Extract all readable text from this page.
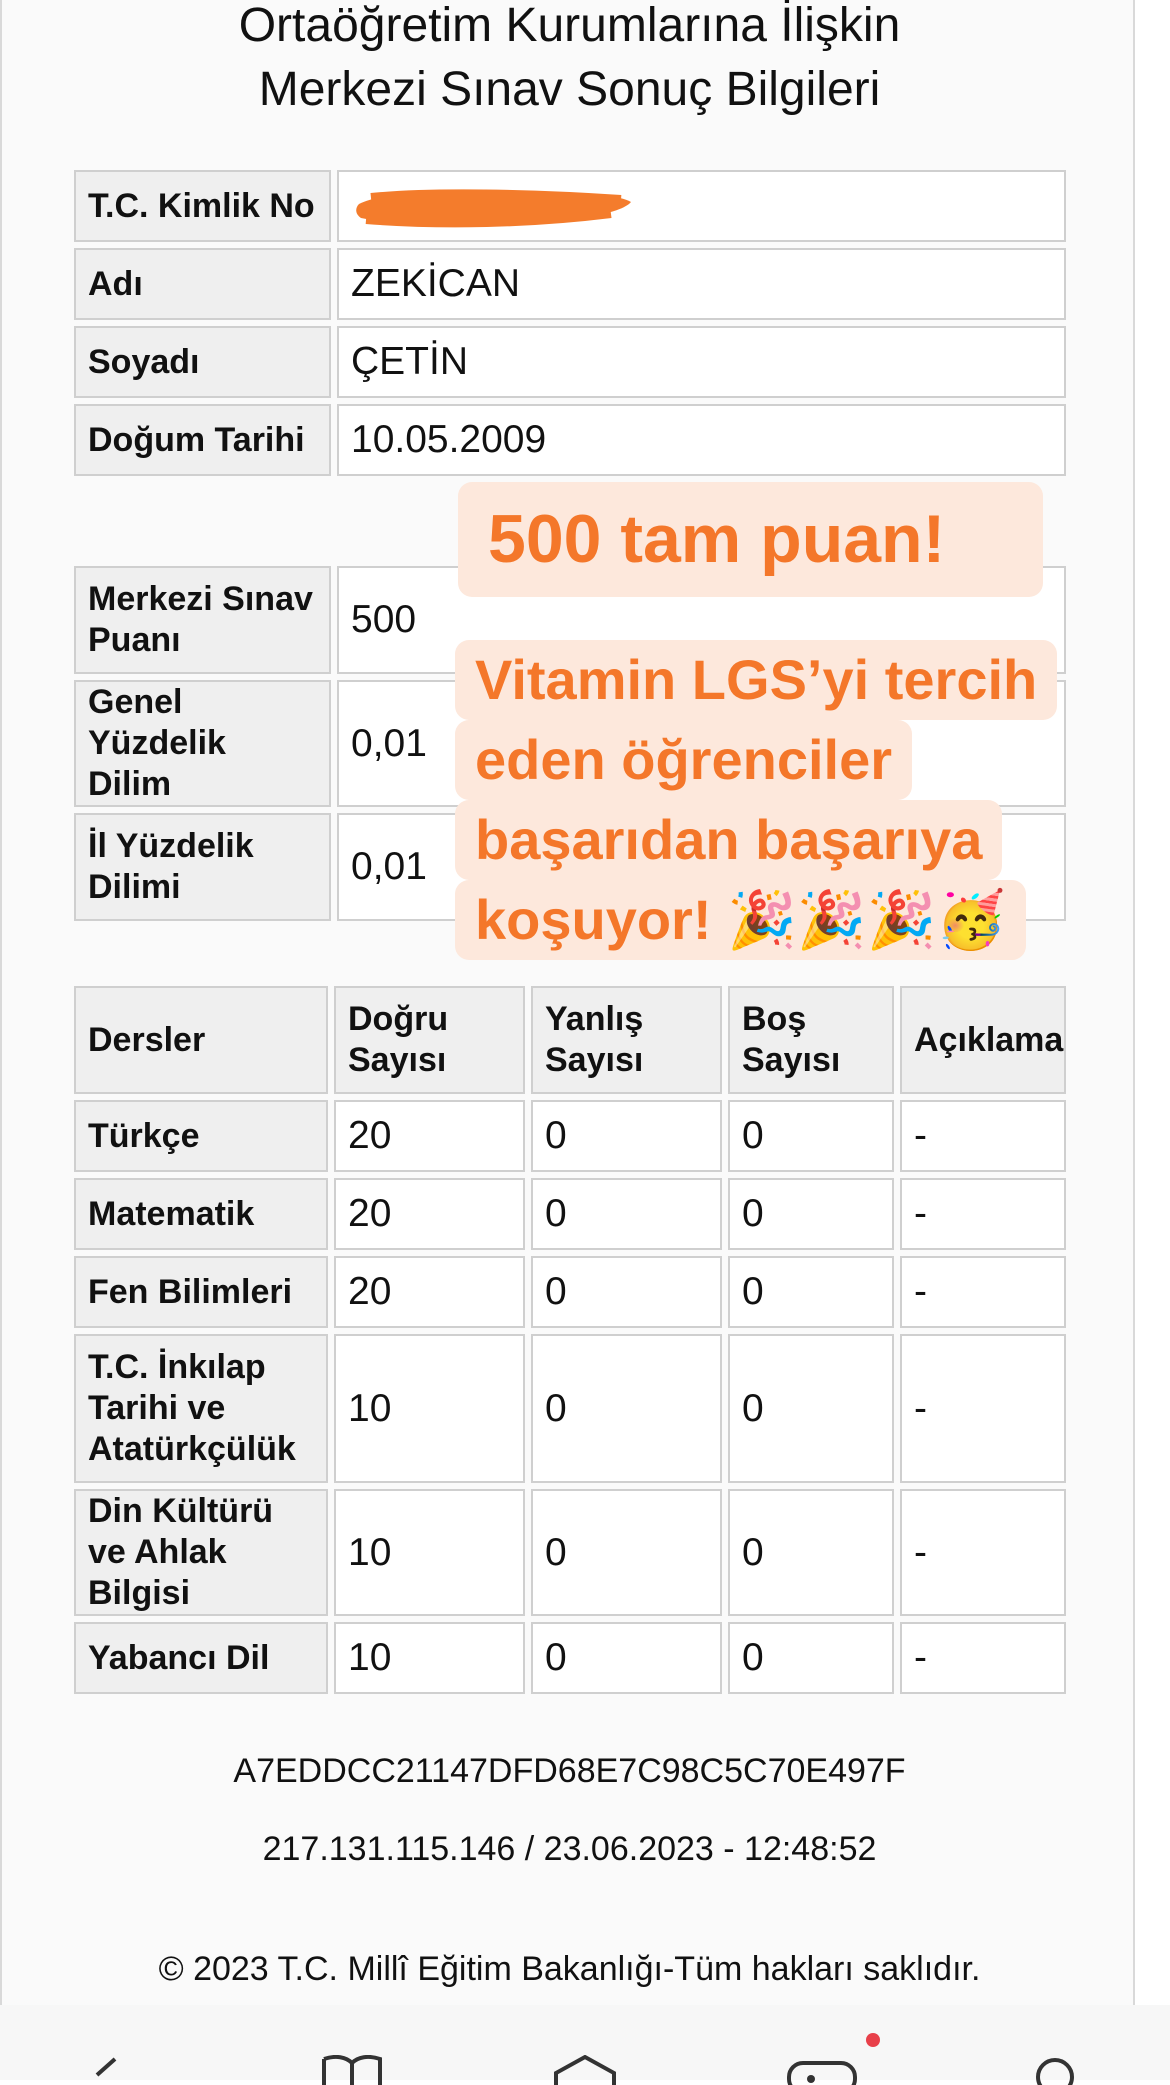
Ortaöğretim Kurumlarına İlişkin
Merkezi Sınav Sonuç Bilgileri
T.C. Kimlik No	
Adı	ZEKİCAN
Soyadı	ÇETİN
Doğum Tarihi	10.05.2009
Merkezi Sınav Puanı	500
Genel Yüzdelik Dilim	0,01
İl Yüzdelik Dilimi	0,01
Dersler	Doğru Sayısı	Yanlış Sayısı	Boş Sayısı	Açıklama
Türkçe	20	0	0	-
Matematik	20	0	0	-
Fen Bilimleri	20	0	0	-
T.C. İnkılap Tarihi ve Atatürkçülük	10	0	0	-
Din Kültürü ve Ahlak Bilgisi	10	0	0	-
Yabancı Dil	10	0	0	-
A7EDDCC21147DFD68E7C98C5C70E497F
217.131.115.146 / 23.06.2023 - 12:48:52
© 2023 T.C. Millî Eğitim Bakanlığı-Tüm hakları saklıdır.
500 tam puan!
Vitamin LGS’yi tercih eden öğrenciler başarıdan başarıya koşuyor! 🎉🎉🎉🥳
